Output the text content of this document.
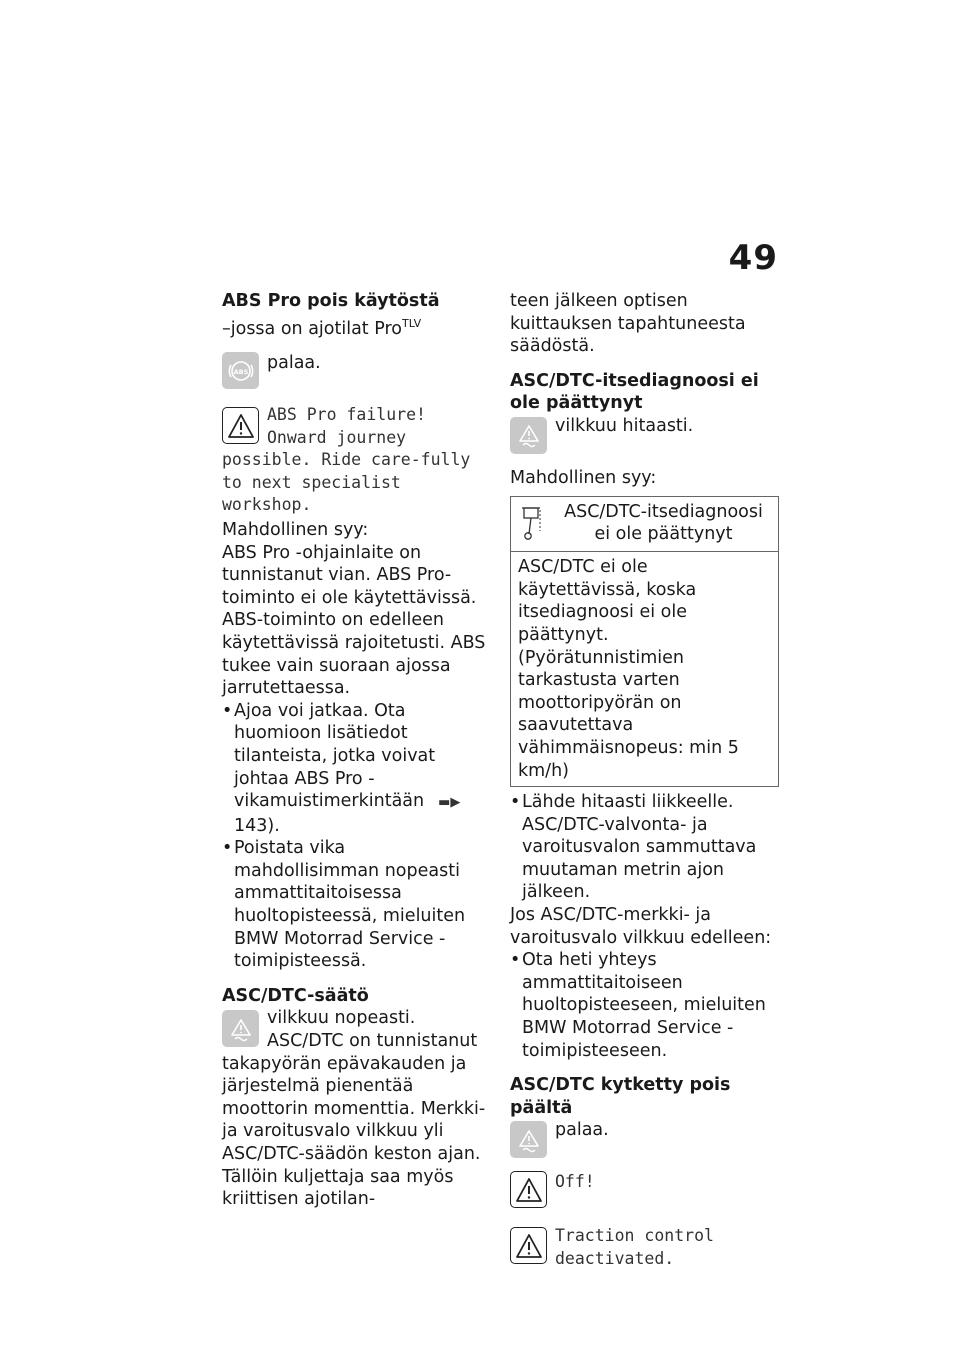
49
ABS Pro pois käytöstä

–jossa on ajotilat Pro$^{TLV}$

ABS	palaa.

ABS Pro failure!

Onward journey

possible. Ride care-fully to next specialist workshop.

Mahdollinen syy:

ABS Pro -ohjainlaite on tunnistanut vian. ABS Pro-toiminto ei ole käytettävissä. ABS-toiminto on edelleen käytettävissä rajoitetusti. ABS tukee vain suoraan ajossa jarrutettaessa.

• Ajoa voi jatkaa. Ota huomioon lisätiedot tilanteista, jotka voivat johtaa ABS Pro -vikamuistimerkintään ▬▶143).
• Poistata vika mahdollisimman nopeasti ammattitaitoisessa huoltopisteessä, mieluiten BMW Motorrad Service -toimipisteessä.
ASC/DTC-säätö

vilkkuu nopeasti.

ASC/DTC on tunnistanut

takapyörän epävakauden ja järjestelmä pienentää moottorin momenttia. Merkki- ja varoitusvalo vilkkuu yli ASC/DTC-säädön keston ajan. Tällöin kuljettaja saa myös kriittisen ajotilan-

teen jälkeen optisen kuittauksen tapahtuneesta säädöstä.

ASC/DTC-itsediagnoosi ei ole päättynyt

vilkkuu hitaasti.

Mahdollinen syy:

ASC/DTC-itsediagnoosi ei ole päättynyt

ASC/DTC ei ole käytettävissä, koska itsediagnoosi ei ole päättynyt. (Pyörätunnistimien tarkastusta varten moottoripyörän on saavutettava vähimmäisnopeus: min 5 km/h)
• Lähde hitaasti liikkeelle. ASC/DTC-valvonta- ja varoitusvalon sammuttava muutaman metrin ajon jälkeen.

Jos ASC/DTC-merkki- ja varoitusvalo vilkkuu edelleen:

• Ota heti yhteys ammattitaitoiseen huoltopisteeseen, mieluiten BMW Motorrad Service -toimipisteeseen.
ASC/DTC kytketty pois päältä

palaa.

Off!

Traction control

deactivated.
